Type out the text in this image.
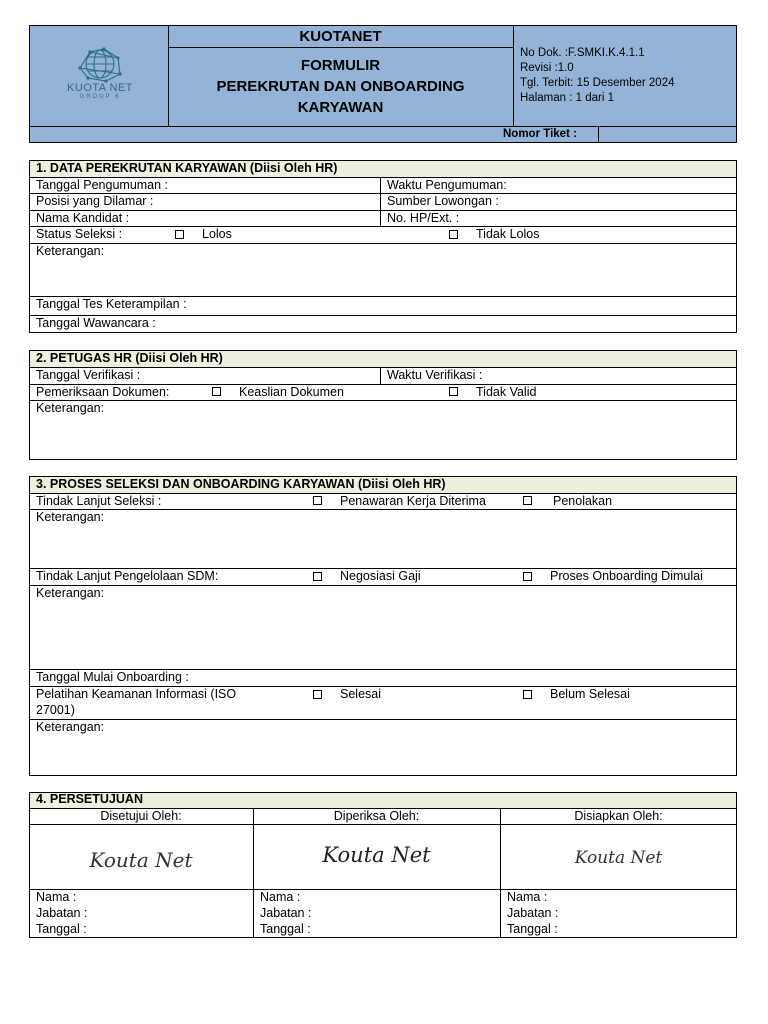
KUOTA NET
GROUP 6
KUOTANET
FORMULIR
PEREKRUTAN DAN ONBOARDING
KARYAWAN
No Dok. :F.SMKI.K.4.1.1
Revisi :1.0
Tgl. Terbit: 15 Desember 2024
Halaman : 1 dari 1
Nomor Tiket :
1. DATA PEREKRUTAN KARYAWAN (Diisi Oleh HR)
Tanggal Pengumuman :	Waktu Pengumuman:
Posisi yang Dilamar :	Sumber Lowongan :
Nama Kandidat :	No. HP/Ext. :
Status Seleksi :	Lolos	Tidak Lolos
Keterangan:
Tanggal Tes Keterampilan :
Tanggal Wawancara :
2. PETUGAS HR (Diisi Oleh HR)
Tanggal Verifikasi :	Waktu Verifikasi :
Pemeriksaan Dokumen:	Keaslian Dokumen	Tidak Valid
Keterangan:
3. PROSES SELEKSI DAN ONBOARDING KARYAWAN (Diisi Oleh HR)
Tindak Lanjut Seleksi :	Penawaran Kerja Diterima	Penolakan
Keterangan:
Tindak Lanjut Pengelolaan SDM:	Negosiasi Gaji	Proses Onboarding Dimulai
Keterangan:
Tanggal Mulai Onboarding :
Pelatihan Keamanan Informasi (ISO
27001)
Selesai	Belum Selesai
Keterangan:
4. PERSETUJUAN
Disetujui Oleh:	Diperiksa Oleh:	Disiapkan Oleh:
Kouta Net	Kouta Net	Kouta Net
Nama :
Jabatan :
Tanggal :
Nama :
Jabatan :
Tanggal :
Nama :
Jabatan :
Tanggal :
